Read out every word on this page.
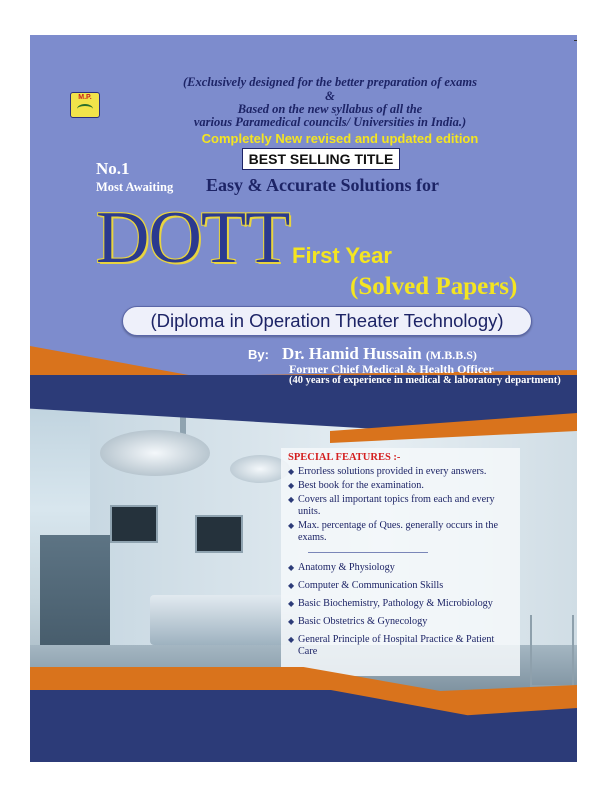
M.P.
(Exclusively designed for the better preparation of exams
&
Based on the new syllabus of all the
various Paramedical councils/ Universities in India.)
Completely New revised and updated edition
BEST SELLING TITLE
No.1
Most Awaiting Easy & Accurate Solutions for
DOTT First Year
(Solved Papers)
(Diploma in Operation Theater Technology)
By: Dr. Hamid Hussain (M.B.B.S)
Former Chief Medical & Health Officer
(40 years of experience in medical & laboratory department)
SPECIAL FEATURES :-
◆ Errorless solutions provided in every answers.
◆ Best book for the examination.
◆ Covers all important topics from each and every units.
◆ Max. percentage of Ques. generally occurs in the exams.
◆ Anatomy & Physiology
◆ Computer & Communication Skills
◆ Basic Biochemistry, Pathology & Microbiology
◆ Basic Obstetrics & Gynecology
◆ General Principle of Hospital Practice & Patient Care
